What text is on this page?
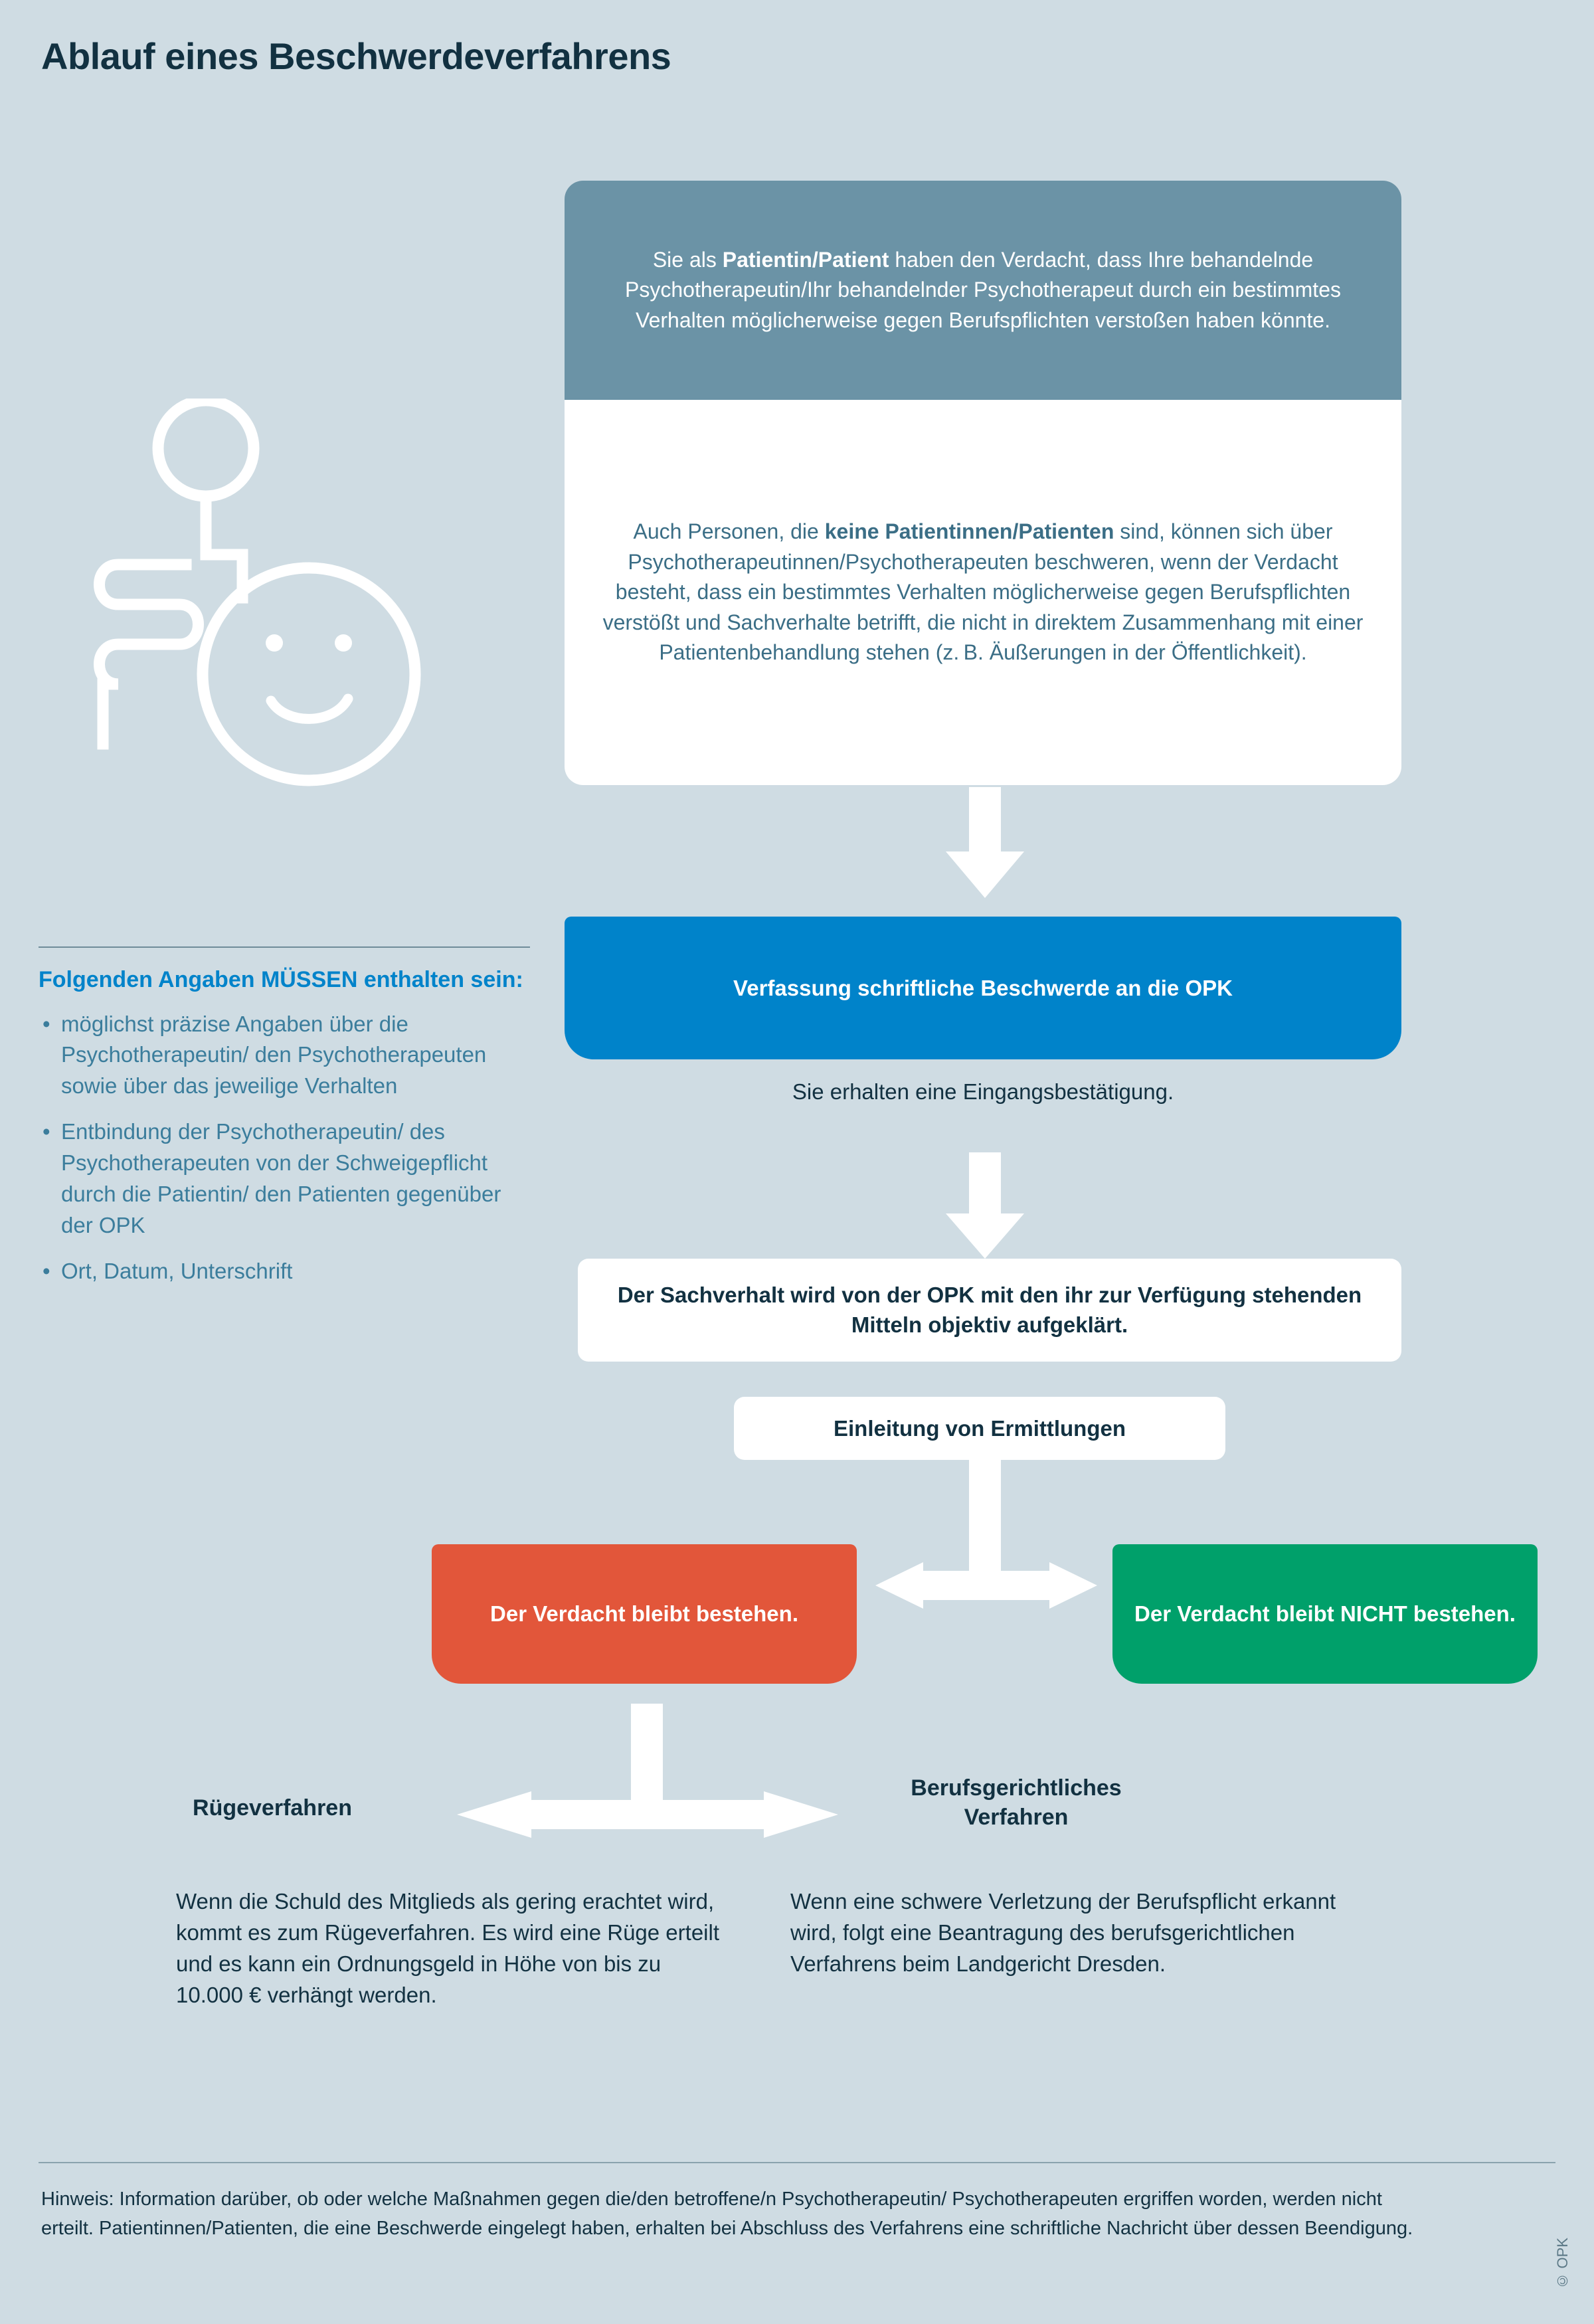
Ablauf eines Beschwerdeverfahrens
Sie als Patientin/Patient haben den Verdacht, dass Ihre behandelnde Psychotherapeutin/Ihr behandelnder Psychotherapeut durch ein bestimmtes Verhalten möglicherweise gegen Berufspflichten verstoßen haben könnte.
Auch Personen, die keine Patientinnen/Patienten sind, können sich über Psychotherapeutinnen/Psychotherapeuten beschweren, wenn der Verdacht besteht, dass ein bestimmtes Verhalten möglicherweise gegen Berufspflichten verstößt und Sachverhalte betrifft, die nicht in direktem Zusammenhang mit einer Patientenbehandlung stehen (z. B. Äußerungen in der Öffentlichkeit).
Verfassung schriftliche Beschwerde an die OPK
Sie erhalten eine Eingangsbestätigung.
Der Sachverhalt wird von der OPK mit den ihr zur Verfügung stehenden Mitteln objektiv aufgeklärt.
Einleitung von Ermittlungen
Der Verdacht bleibt bestehen.	Der Verdacht bleibt NICHT bestehen.
Folgenden Angaben MÜSSEN enthalten sein:
• möglichst präzise Angaben über die Psychotherapeutin/ den Psychotherapeuten sowie über das jeweilige Verhalten
• Entbindung der Psychotherapeutin/ des Psychotherapeuten von der Schweigepflicht durch die Patientin/ den Patienten gegenüber der OPK
• Ort, Datum, Unterschrift
Rügeverfahren
Wenn die Schuld des Mitglieds als gering erachtet wird, kommt es zum Rügeverfahren. Es wird eine Rüge erteilt und es kann ein Ordnungsgeld in Höhe von bis zu 10.000 € verhängt werden.
Berufsgerichtliches Verfahren
Wenn eine schwere Verletzung der Berufspflicht erkannt wird, folgt eine Beantragung des berufsgerichtlichen Verfahrens beim Landgericht Dresden.
Hinweis: Information darüber, ob oder welche Maßnahmen gegen die/den betroffene/n Psychotherapeutin/ Psychotherapeuten ergriffen worden, werden nicht erteilt. Patientinnen/Patienten, die eine Beschwerde eingelegt haben, erhalten bei Abschluss des Verfahrens eine schriftliche Nachricht über dessen Beendigung.
© OPK
